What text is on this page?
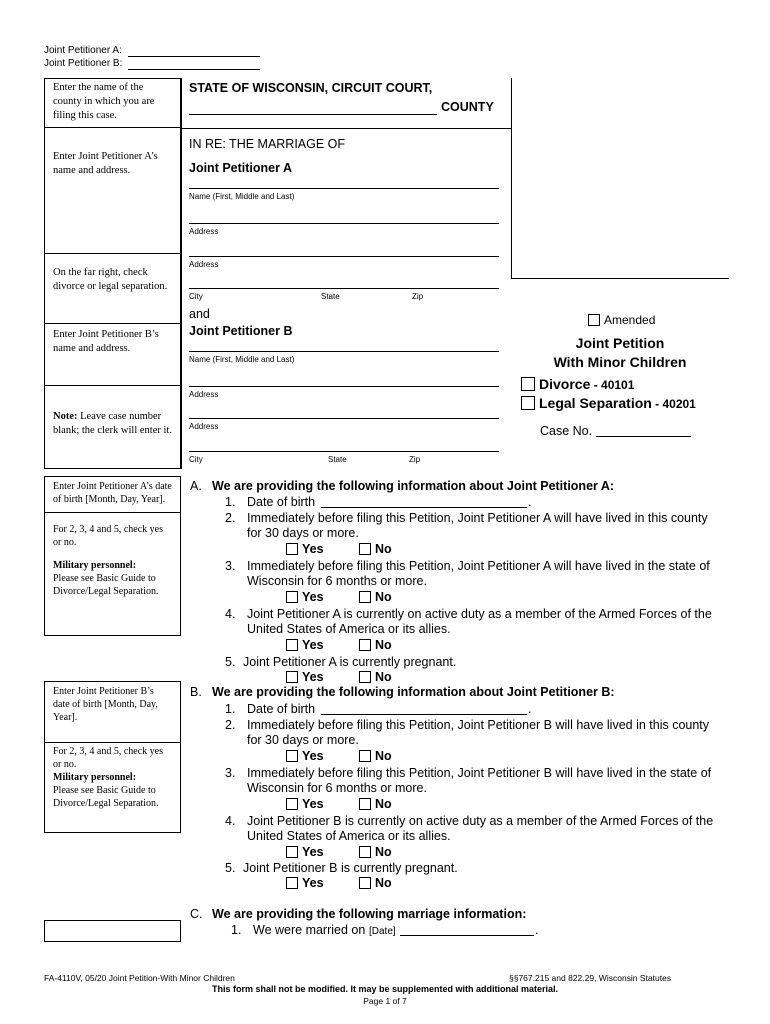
Joint Petitioner A:
Joint Petitioner B:
Enter the name of the county in which you are filing this case.
Enter Joint Petitioner A’s name and address.
On the far right, check divorce or legal separation.
Enter Joint Petitioner B’s name and address.
Note: Leave case number blank; the clerk will enter it.
Enter Joint Petitioner A’s date of birth [Month, Day, Year].
For 2, 3, 4 and 5, check yes or no.
Military personnel:
Please see Basic Guide to Divorce/Legal Separation.
Enter Joint Petitioner B’s date of birth [Month, Day, Year].
For 2, 3, 4 and 5, check yes or no.
Military personnel:
Please see Basic Guide to Divorce/Legal Separation.
STATE OF WISCONSIN, CIRCUIT COURT,
COUNTY
IN RE: THE MARRIAGE OF
Joint Petitioner A
Name (First, Middle and Last)
Address
Address
City	State	Zip
and
Joint Petitioner B
Name (First, Middle and Last)
Address
Address
City	State	Zip
Amended
Joint Petition
With Minor Children
Divorce - 40101
Legal Separation - 40201
Case No.
A. We are providing the following information about Joint Petitioner A:
1. Date of birth	.
2. Immediately before filing this Petition, Joint Petitioner A will have lived in this county for 30 days or more.
Yes	No
3. Immediately before filing this Petition, Joint Petitioner A will have lived in the state of Wisconsin for 6 months or more.
Yes	No
4. Joint Petitioner A is currently on active duty as a member of the Armed Forces of the United States of America or its allies.
Yes	No
5. Joint Petitioner A is currently pregnant.
Yes	No
B. We are providing the following information about Joint Petitioner B:
1. Date of birth	.
2. Immediately before filing this Petition, Joint Petitioner B will have lived in this county for 30 days or more.
Yes	No
3. Immediately before filing this Petition, Joint Petitioner B will have lived in the state of Wisconsin for 6 months or more.
Yes	No
4. Joint Petitioner B is currently on active duty as a member of the Armed Forces of the United States of America or its allies.
Yes	No
5. Joint Petitioner B is currently pregnant.
Yes	No
C. We are providing the following marriage information:
1. We were married on [Date]	.
FA-4110V, 05/20 Joint Petition-With Minor Children	§§767.215 and 822.29, Wisconsin Statutes
This form shall not be modified. It may be supplemented with additional material.
Page 1 of 7
